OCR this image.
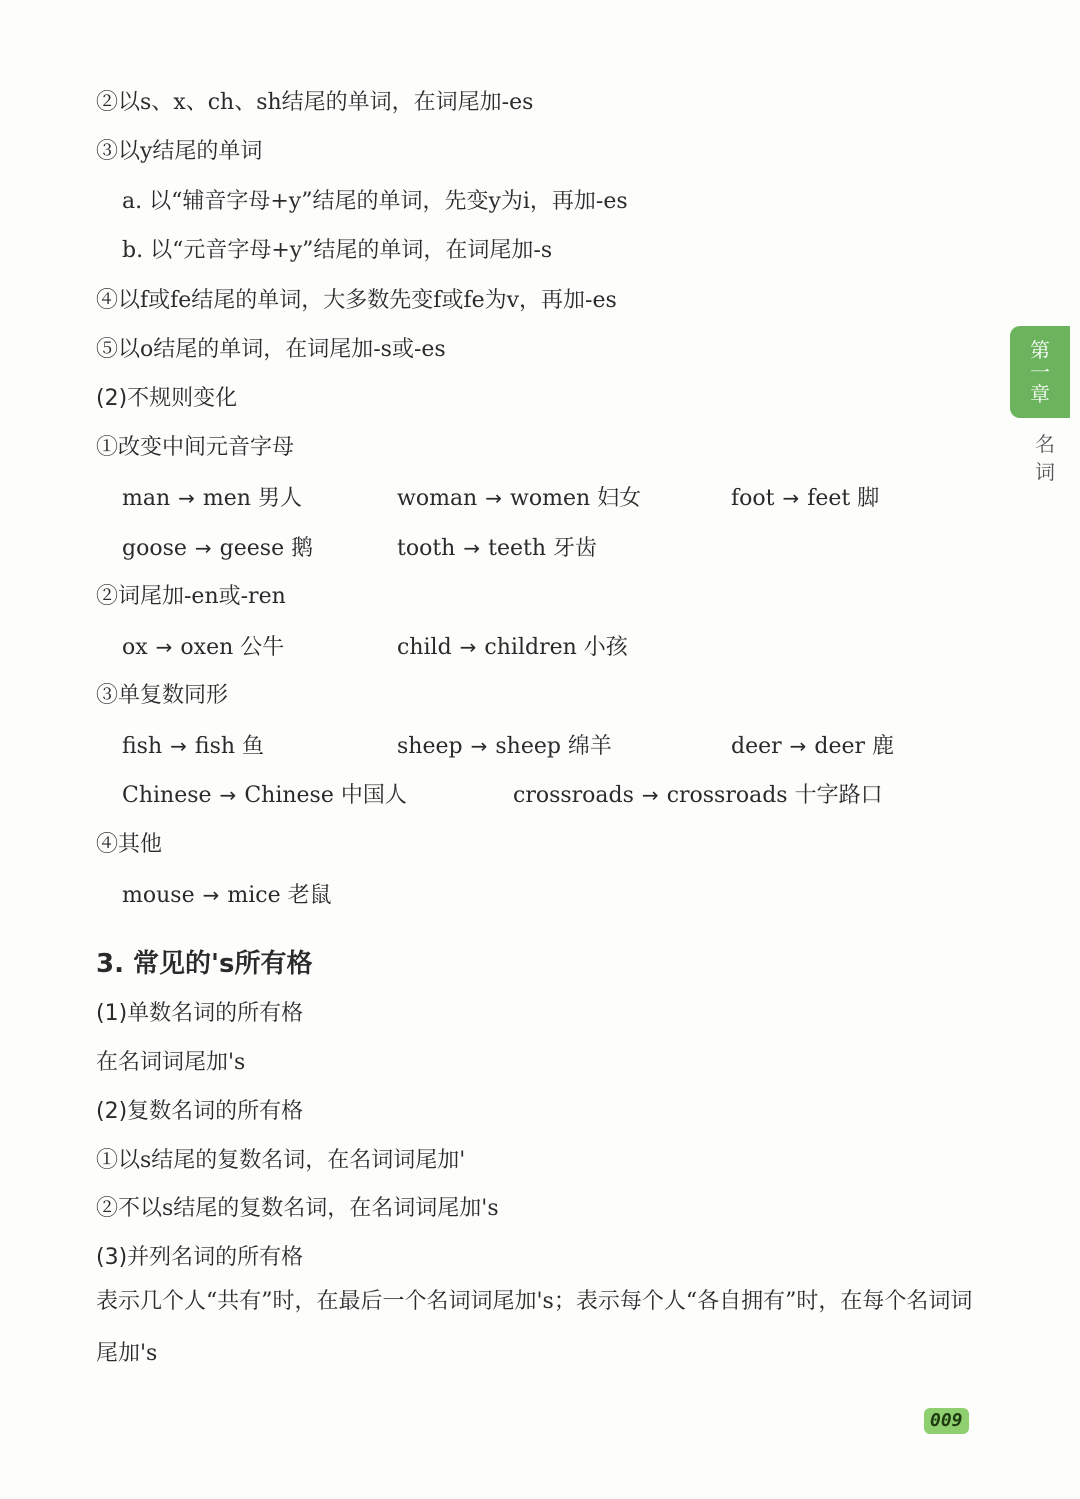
②以s、x、ch、sh结尾的单词，在词尾加-es
③以y结尾的单词
a. 以“辅音字母+y”结尾的单词，先变y为i，再加-es
b. 以“元音字母+y”结尾的单词，在词尾加-s
④以f或fe结尾的单词，大多数先变f或fe为v，再加-es
⑤以o结尾的单词，在词尾加-s或-es
(2)不规则变化
①改变中间元音字母
man → men 男人	woman → women 妇女	foot → feet 脚
goose → geese 鹅	tooth → teeth 牙齿
②词尾加-en或-ren
ox → oxen 公牛	child → children 小孩
③单复数同形
fish → fish 鱼	sheep → sheep 绵羊	deer → deer 鹿
Chinese → Chinese 中国人	crossroads → crossroads 十字路口
④其他
mouse → mice 老鼠
3. 常见的's所有格
(1)单数名词的所有格
在名词词尾加's
(2)复数名词的所有格
①以s结尾的复数名词，在名词词尾加'
②不以s结尾的复数名词，在名词词尾加's
(3)并列名词的所有格
表示几个人“共有”时，在最后一个名词词尾加's；表示每个人“各自拥有”时，在每个名词词尾加's
第一章
名词
009
